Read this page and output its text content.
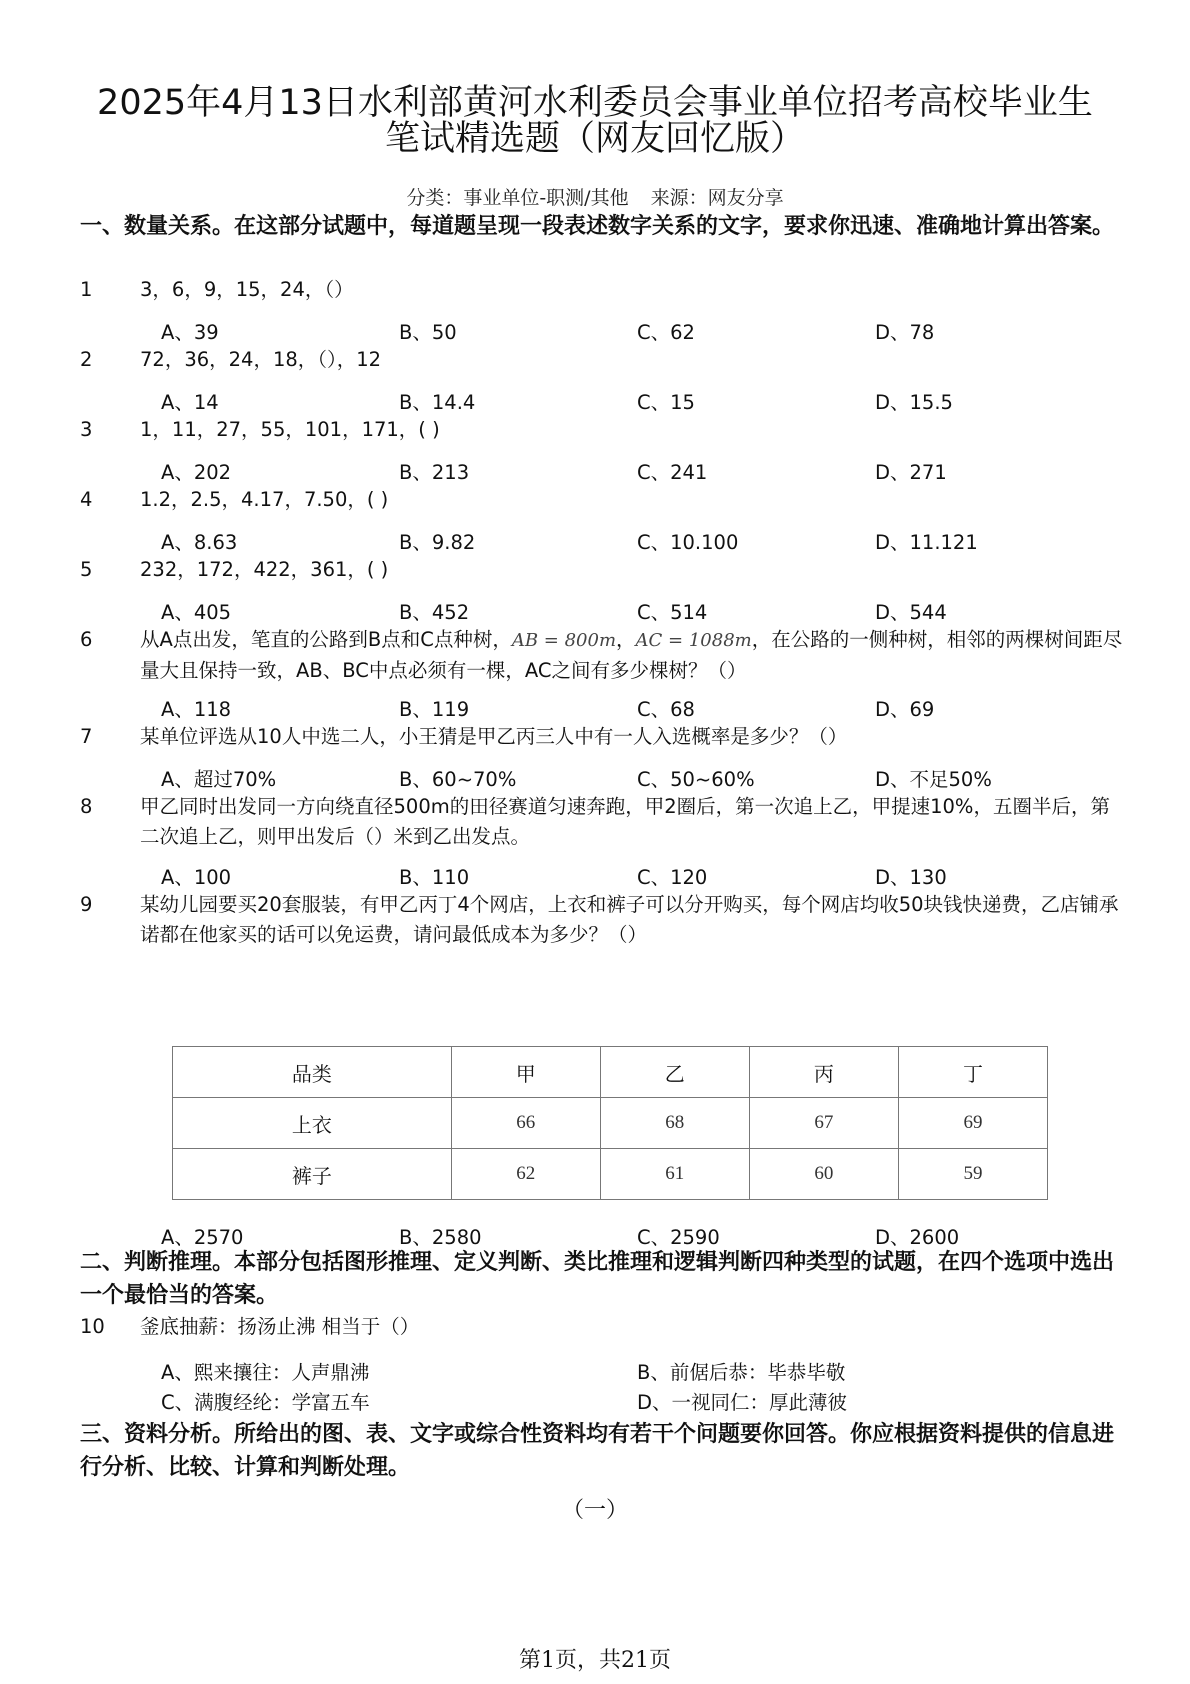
2025年4月13日水利部黄河水利委员会事业单位招考高校毕业生
笔试精选题（网友回忆版）
分类：事业单位-职测/其他 来源：网友分享
一、数量关系。在这部分试题中，每道题呈现一段表述数字关系的文字，要求你迅速、准确地计算出答案。
1	3，6，9，15，24，（）
A、39	B、50	C、62	D、78
2	72，36，24，18，（），12
A、14	B、14.4	C、15	D、15.5
3	1，11，27，55，101，171，( )
A、202	B、213	C、241	D、271
4	1.2，2.5，4.17，7.50，( )
A、8.63	B、9.82	C、10.100	D、11.121
5	232，172，422，361，( )
A、405	B、452	C、514	D、544
6	从A点出发，笔直的公路到B点和C点种树，AB = 800m，AC = 1088m，在公路的一侧种树，相邻的两棵树间距尽量大且保持一致，AB、BC中点必须有一棵，AC之间有多少棵树？（）
A、118	B、119	C、68	D、69
7	某单位评选从10人中选二人，小王猜是甲乙丙三人中有一人入选概率是多少？（）
A、超过70%	B、60~70%	C、50~60%	D、不足50%
8	甲乙同时出发同一方向绕直径500m的田径赛道匀速奔跑，甲2圈后，第一次追上乙，甲提速10%，五圈半后，第二次追上乙，则甲出发后（）米到乙出发点。
A、100	B、110	C、120	D、130
9	某幼儿园要买20套服装，有甲乙丙丁4个网店，上衣和裤子可以分开购买，每个网店均收50块钱快递费，乙店铺承诺都在他家买的话可以免运费，请问最低成本为多少？（）
品类	甲	乙	丙	丁
上衣	66	68	67	69
裤子	62	61	60	59
A、2570	B、2580	C、2590	D、2600
二、判断推理。本部分包括图形推理、定义判断、类比推理和逻辑判断四种类型的试题，在四个选项中选出一个最恰当的答案。
10	釜底抽薪：扬汤止沸 相当于（）
A、熙来攘往：人声鼎沸	B、前倨后恭：毕恭毕敬
C、满腹经纶：学富五车	D、一视同仁：厚此薄彼
三、资料分析。所给出的图、表、文字或综合性资料均有若干个问题要你回答。你应根据资料提供的信息进行分析、比较、计算和判断处理。
（一）
第1页，共21页
